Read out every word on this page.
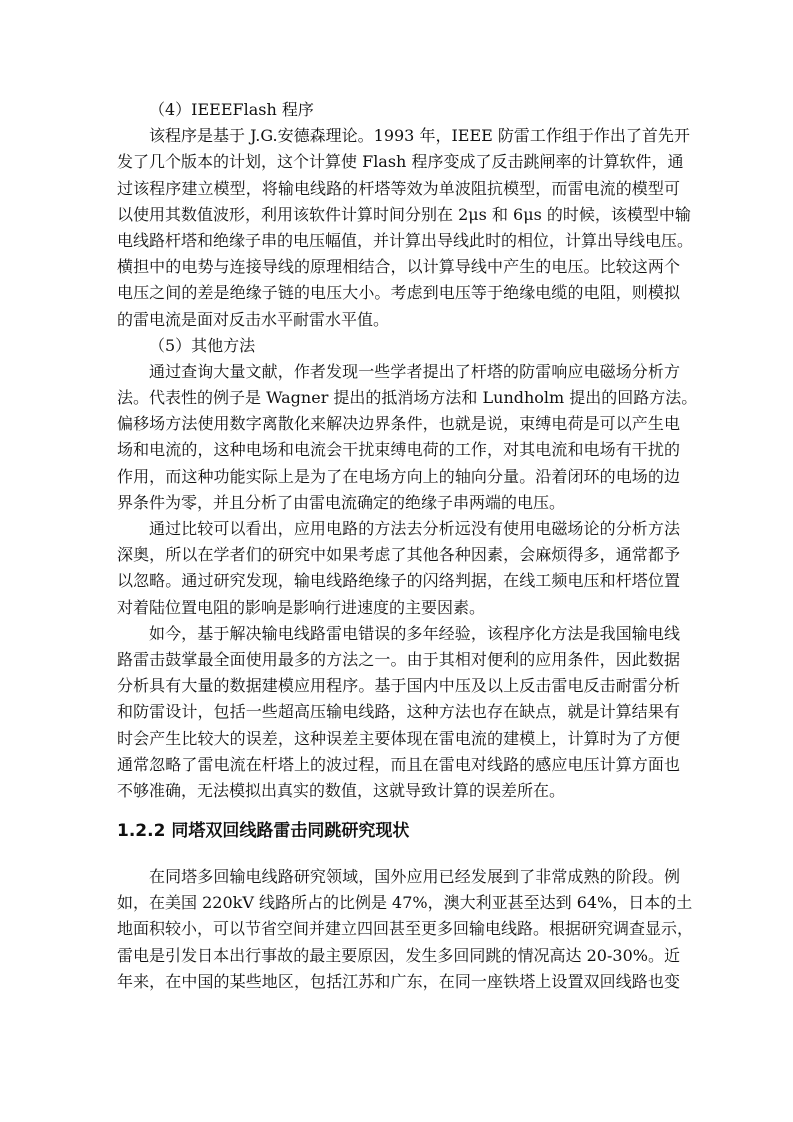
（4）IEEEFlash 程序
该程序是基于 J.G.安德森理论。1993 年，IEEE 防雷工作组于作出了首先开
发了几个版本的计划，这个计算使 Flash 程序变成了反击跳闸率的计算软件，通
过该程序建立模型，将输电线路的杆塔等效为单波阻抗模型，而雷电流的模型可
以使用其数值波形，利用该软件计算时间分别在 2μs 和 6μs 的时候，该模型中输
电线路杆塔和绝缘子串的电压幅值，并计算出导线此时的相位，计算出导线电压。
横担中的电势与连接导线的原理相结合，以计算导线中产生的电压。比较这两个
电压之间的差是绝缘子链的电压大小。考虑到电压等于绝缘电缆的电阻，则模拟
的雷电流是面对反击水平耐雷水平值。
（5）其他方法
通过查询大量文献，作者发现一些学者提出了杆塔的防雷响应电磁场分析方
法。代表性的例子是 Wagner 提出的抵消场方法和 Lundholm 提出的回路方法。
偏移场方法使用数字离散化来解决边界条件，也就是说，束缚电荷是可以产生电
场和电流的，这种电场和电流会干扰束缚电荷的工作，对其电流和电场有干扰的
作用，而这种功能实际上是为了在电场方向上的轴向分量。沿着闭环的电场的边
界条件为零，并且分析了由雷电流确定的绝缘子串两端的电压。
通过比较可以看出，应用电路的方法去分析远没有使用电磁场论的分析方法
深奥，所以在学者们的研究中如果考虑了其他各种因素，会麻烦得多，通常都予
以忽略。通过研究发现，输电线路绝缘子的闪络判据，在线工频电压和杆塔位置
对着陆位置电阻的影响是影响行进速度的主要因素。
如今，基于解决输电线路雷电错误的多年经验，该程序化方法是我国输电线
路雷击鼓掌最全面使用最多的方法之一。由于其相对便利的应用条件，因此数据
分析具有大量的数据建模应用程序。基于国内中压及以上反击雷电反击耐雷分析
和防雷设计，包括一些超高压输电线路，这种方法也存在缺点，就是计算结果有
时会产生比较大的误差，这种误差主要体现在雷电流的建模上，计算时为了方便
通常忽略了雷电流在杆塔上的波过程，而且在雷电对线路的感应电压计算方面也
不够准确，无法模拟出真实的数值，这就导致计算的误差所在。
1.2.2 同塔双回线路雷击同跳研究现状
在同塔多回输电线路研究领域，国外应用已经发展到了非常成熟的阶段。例
如，在美国 220kV 线路所占的比例是 47%，澳大利亚甚至达到 64%，日本的土
地面积较小，可以节省空间并建立四回甚至更多回输电线路。根据研究调查显示，
雷电是引发日本出行事故的最主要原因，发生多回同跳的情况高达 20-30%。近
年来，在中国的某些地区，包括江苏和广东，在同一座铁塔上设置双回线路也变
